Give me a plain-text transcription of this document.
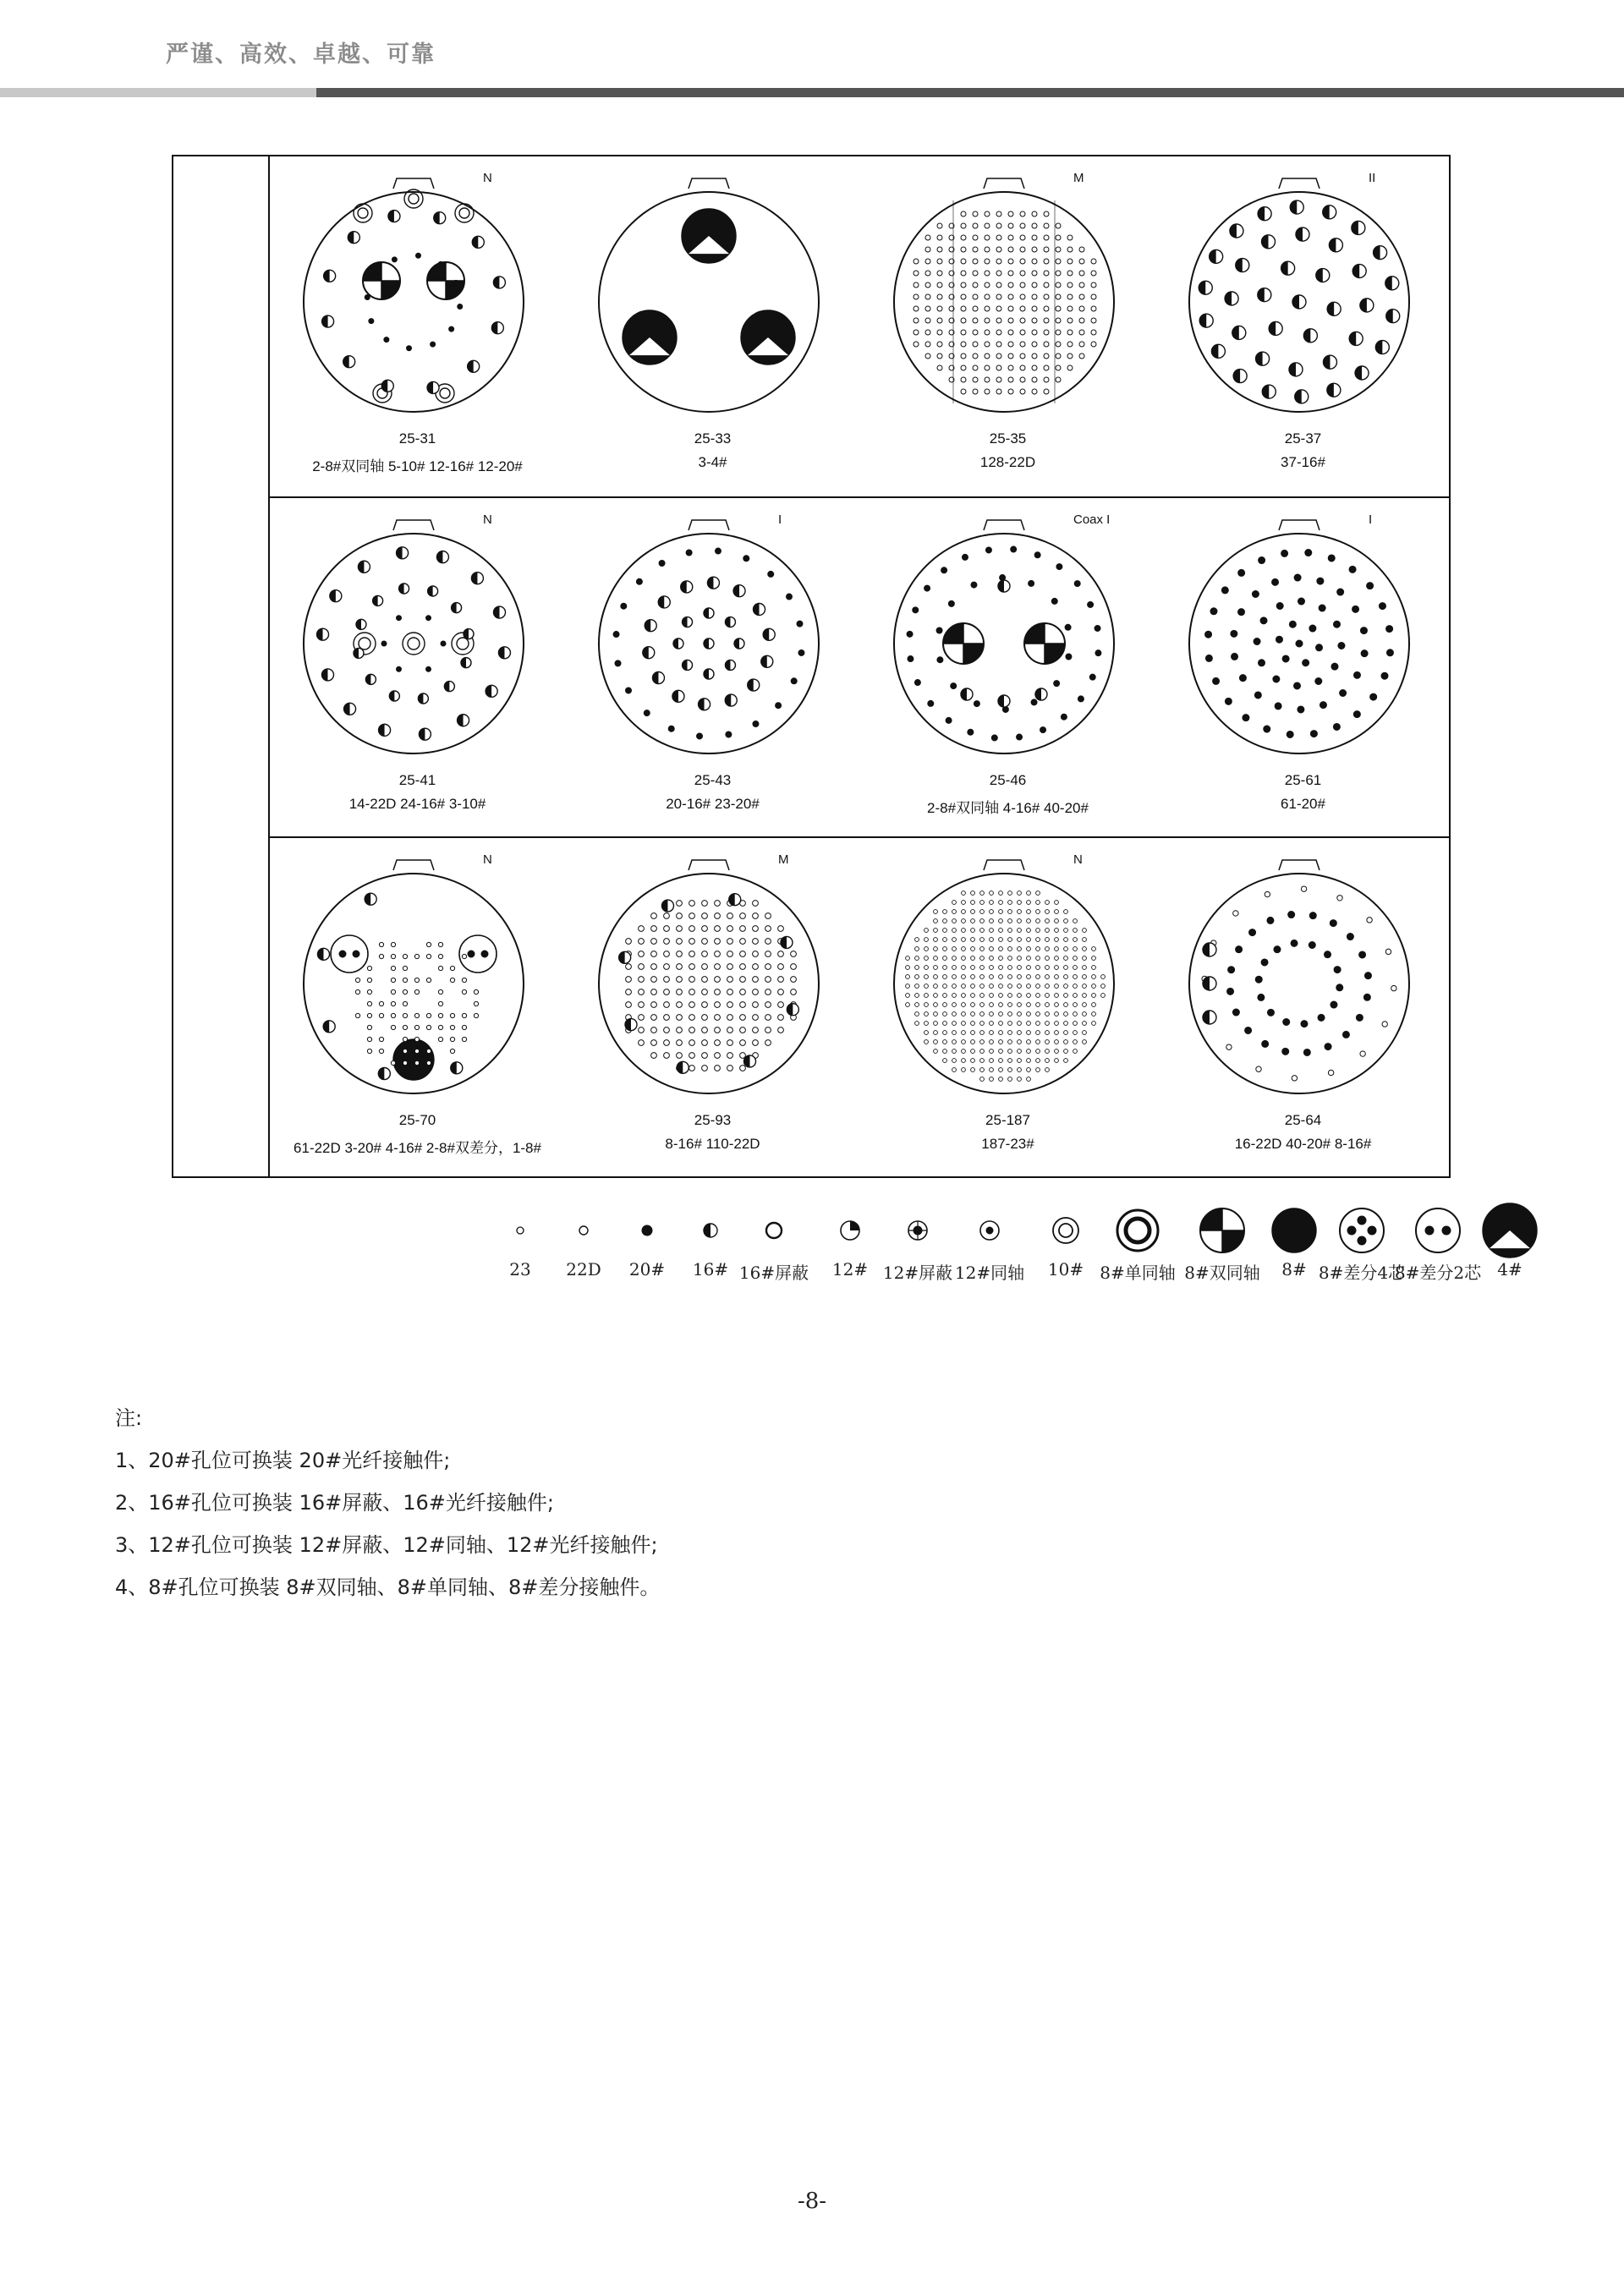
严谨、高效、卓越、可靠
N
25-31
2-8#双同轴 5-10# 12-16# 12-20#
25-33
3-4#
M
25-35
128-22D
II
25-37
37-16#
N
25-41
14-22D 24-16# 3-10#
I
25-43
20-16# 23-20#
Coax I
25-46
2-8#双同轴 4-16# 40-20#
I
25-61
61-20#
N
25-70
61-22D 3-20# 4-16# 2-8#双差分，1-8#
M
25-93
8-16# 110-22D
N
25-187
187-23#
25-64
16-22D 40-20# 8-16#
23	22D	20#	16# 16#屏蔽	12# 12#屏蔽 12#同轴	10# 8#单同轴 8#双同轴	8# 8#差分4芯
8#差分2芯 4#
注:
1、20#孔位可换装 20#光纤接触件;
2、16#孔位可换装 16#屏蔽、16#光纤接触件;
3、12#孔位可换装 12#屏蔽、12#同轴、12#光纤接触件;
4、8#孔位可换装 8#双同轴、8#单同轴、8#差分接触件。
-8-
